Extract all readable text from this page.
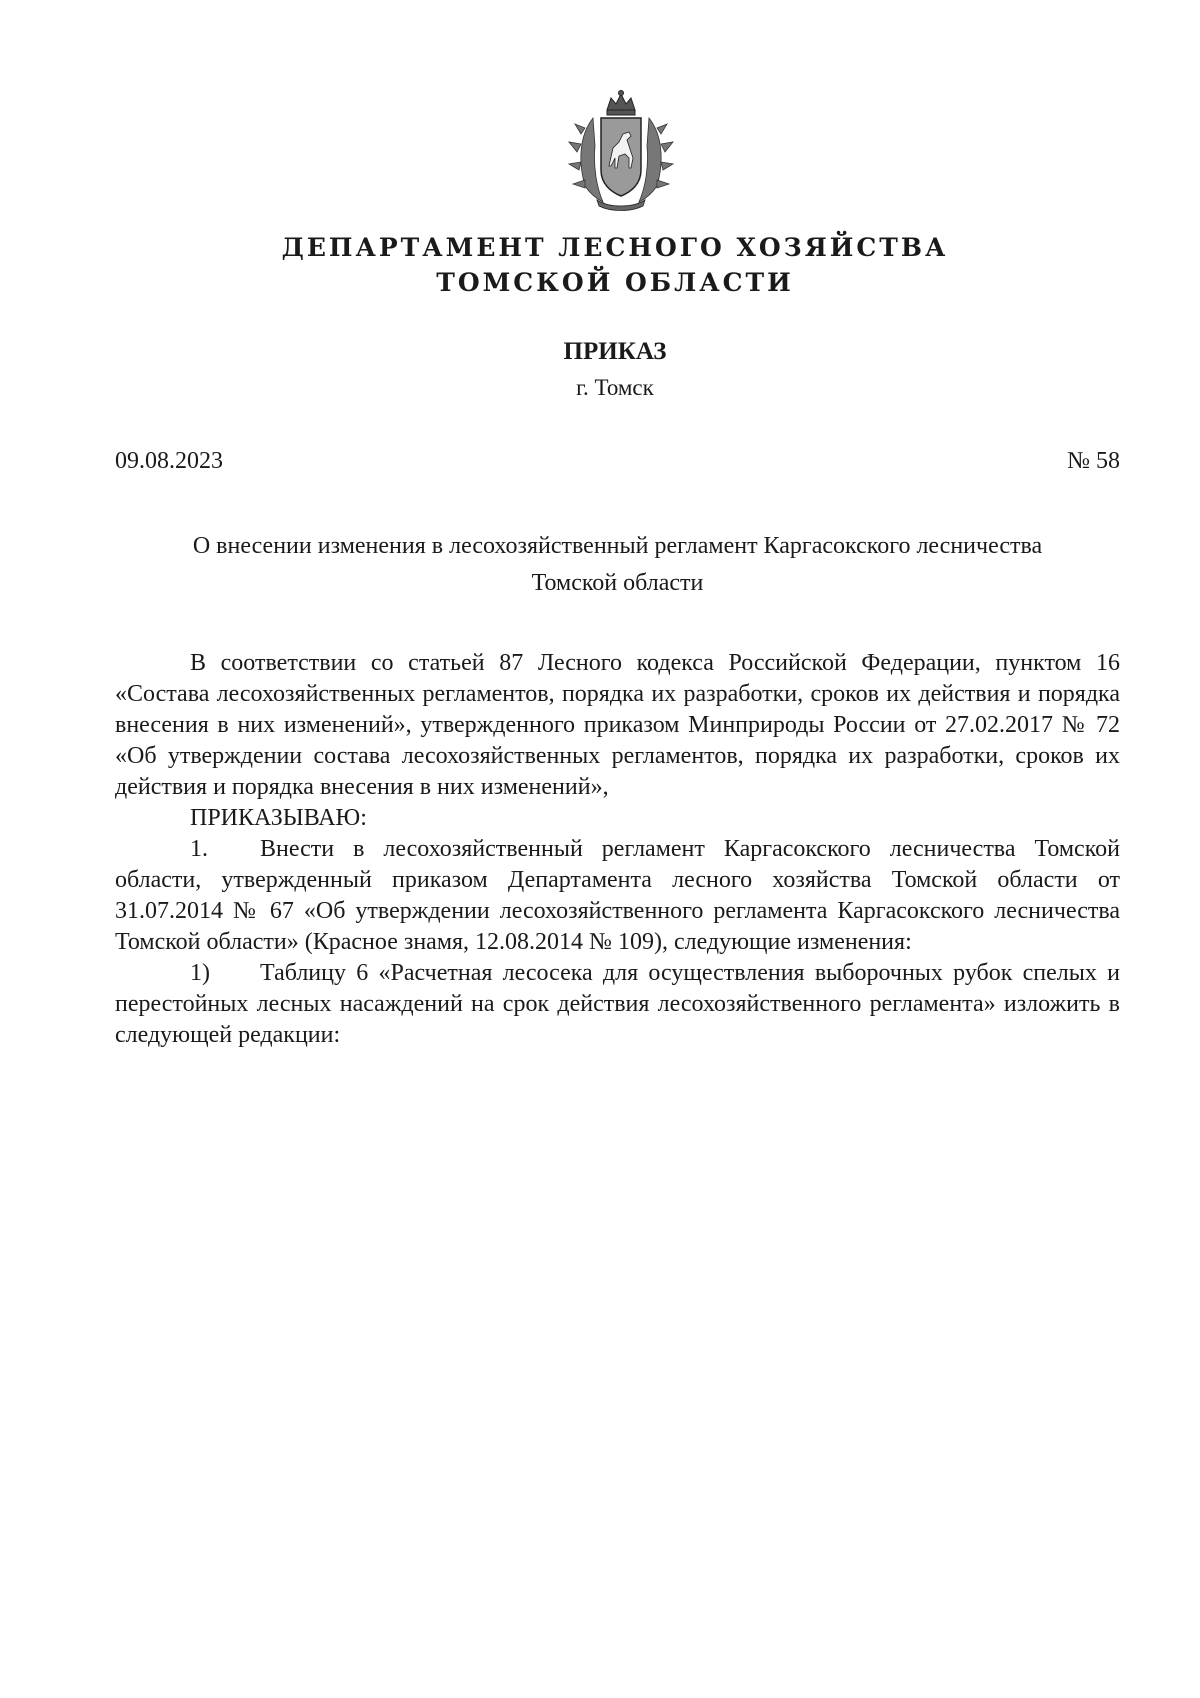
ДЕПАРТАМЕНТ ЛЕСНОГО ХОЗЯЙСТВА
ТОМСКОЙ ОБЛАСТИ
ПРИКАЗ
г. Томск
09.08.2023	№ 58
О внесении изменения в лесохозяйственный регламент Каргасокского лесничества
Томской области

В соответствии со статьей 87 Лесного кодекса Российской Федерации, пунктом 16 «Состава лесохозяйственных регламентов, порядка их разработки, сроков их действия и порядка внесения в них изменений», утвержденного приказом Минприроды России от 27.02.2017 № 72 «Об утверждении состава лесохозяйственных регламентов, порядка их разработки, сроков их действия и порядка внесения в них изменений»,

ПРИКАЗЫВАЮ:

1. Внести в лесохозяйственный регламент Каргасокского лесничества Томской области, утвержденный приказом Департамента лесного хозяйства Томской области от 31.07.2014 № 67 «Об утверждении лесохозяйственного регламента Каргасокского лесничества Томской области» (Красное знамя, 12.08.2014 № 109), следующие изменения:

1) Таблицу 6 «Расчетная лесосека для осуществления выборочных рубок спелых и перестойных лесных насаждений на срок действия лесохозяйственного регламента» изложить в следующей редакции:
